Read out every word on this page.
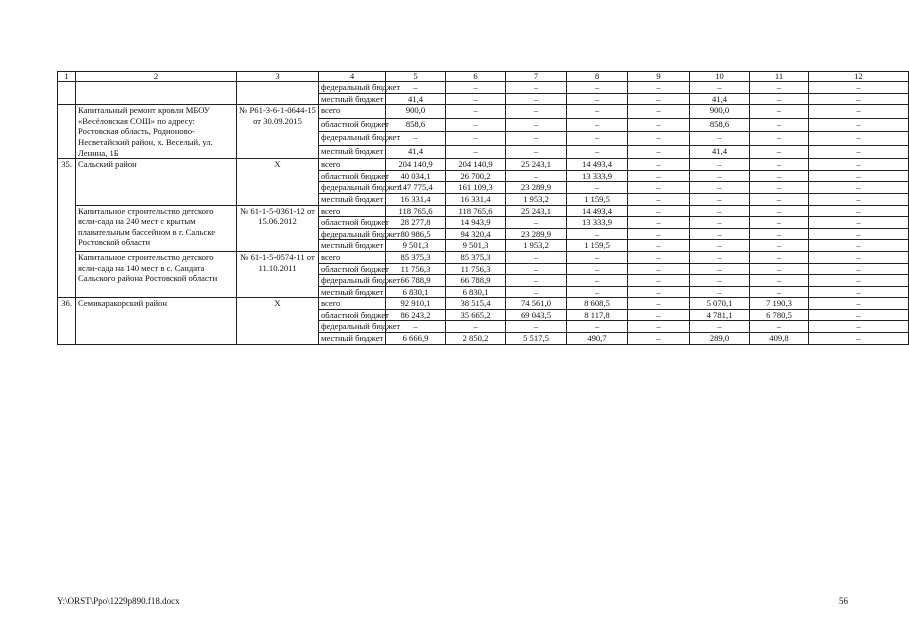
1	2	3	4	5	6	7	8	9	10	11	12
			федеральный бюджет	–	–	–	–	–	–	–	–
			местный бюджет	41,4	–	–	–	–	41,4	–	–
	Капитальный ремонт кровли МБОУ «Весёловская СОШ» по адресу: Ростовская область, Родионово-Несветайский район, х. Веселый, ул. Ленина, 1Б	№ Р61-3-6-1-0644-15 от 30.09.2015	всего	900,0	–	–	–	–	900,0	–	–
			областной бюджет	858,6	–	–	–	–	858,6	–	–
			федеральный бюджет	–	–	–	–	–	–	–	–
			местный бюджет	41,4	–	–	–	–	41,4	–	–
35.	Сальский район	Х	всего	204 140,9	204 140,9	25 243,1	14 493,4	–	–	–	–
			областной бюджет	40 034,1	26 700,2	–	13 333,9	–	–	–	–
			федеральный бюджет	147 775,4	161 109,3	23 289,9	–	–	–	–	–
			местный бюджет	16 331,4	16 331,4	1 953,2	1 159,5	–	–	–	–
	Капитальное строительство детского ясли-сада на 240 мест с крытым плавательным бассейном в г. Сальске Ростовской области	№ 61-1-5-0361-12 от 15.06.2012	всего	118 765,6	118 765,6	25 243,1	14 493,4	–	–	–	–
			областной бюджет	28 277,8	14 943,9	–	13 333,9	–	–	–	–
			федеральный бюджет	80 986,5	94 320,4	23 289,9	–	–	–	–	–
			местный бюджет	9 501,3	9 501,3	1 953,2	1 159,5	–	–	–	–
	Капитальное строительство детского ясли-сада на 140 мест в с. Сандата Сальского района Ростовской области	№ 61-1-5-0574-11 от 11.10.2011	всего	85 375,3	85 375,3	–	–	–	–	–	–
			областной бюджет	11 756,3	11 756,3	–	–	–	–	–	–
			федеральный бюджет	66 788,9	66 788,9	–	–	–	–	–	–
			местный бюджет	6 830,1	6 830,1	–	–	–	–	–	–
36.	Семикаракорский район	Х	всего	92 910,1	38 515,4	74 561,0	8 608,5	–	5 070,1	7 190,3	–
			областной бюджет	86 243,2	35 665,2	69 043,5	8 117,8	–	4 781,1	6 780,5	–
			федеральный бюджет	–	–	–	–	–	–	–	–
			местный бюджет	6 666,9	2 850,2	5 517,5	490,7	–	289,0	409,8	–
Y:\ORST\Ppo\1229p890.f18.docx	56
